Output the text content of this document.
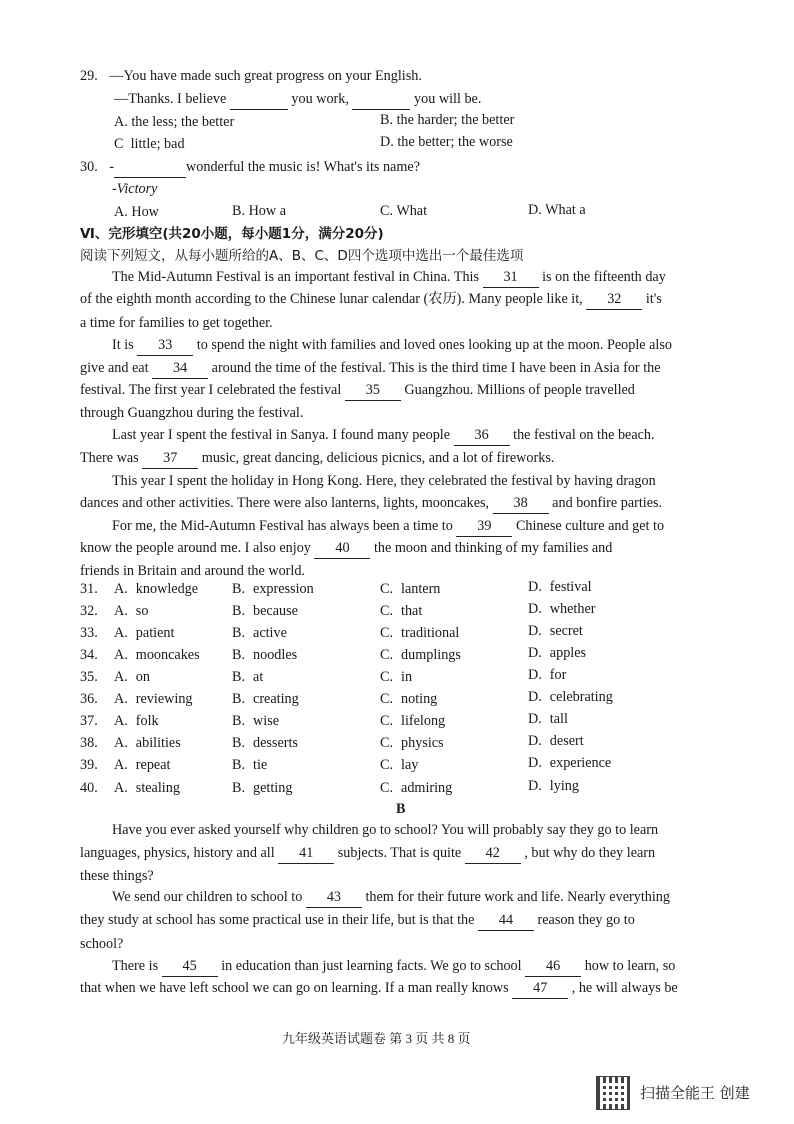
29. —You have made such great progress on your English.
—Thanks. I believe	you work,	you will be.
A. the less; the better	B. the harder; the better
C little; bad	D. the better; the worse
30. -	wonderful the music is! What's its name?
-Victory
A. How	B. How a	C. What	D. What a
Ⅵ、完形填空(共20小题，每小题1分，满分20分)
阅读下列短文，从每小题所给的A、B、C、D四个选项中选出一个最佳选项
The Mid-Autumn Festival is an important festival in China. This 31 is on the fifteenth day
of the eighth month according to the Chinese lunar calendar (农历). Many people like it, 32 it's
a time for families to get together.
It is 33 to spend the night with families and loved ones looking up at the moon. People also
give and eat 34 around the time of the festival. This is the third time I have been in Asia for the
festival. The first year I celebrated the festival 35 Guangzhou. Millions of people travelled
through Guangzhou during the festival.
Last year I spent the festival in Sanya. I found many people 36 the festival on the beach.
There was 37 music, great dancing, delicious picnics, and a lot of fireworks.
This year I spent the holiday in Hong Kong. Here, they celebrated the festival by having dragon
dances and other activities. There were also lanterns, lights, mooncakes, 38 and bonfire parties.
For me, the Mid-Autumn Festival has always been a time to 39 Chinese culture and get to
know the people around me. I also enjoy 40 the moon and thinking of my families and
friends in Britain and around the world.
31. A. knowledge B. expression	C. lantern	D. festival
32. A. so	B. because	C. that	D. whether
33. A. patient	B. active	C. traditional	D. secret
34. A. mooncakes B. noodles	C. dumplings	D. apples
35. A. on	B. at	C. in	D. for
36. A. reviewing	B. creating	C. noting	D. celebrating
37. A. folk	B. wise	C. lifelong	D. tall
38. A. abilities	B. desserts	C. physics	D. desert
39. A. repeat	B. tie	C. lay	D. experience
40. A. stealing	B. getting	C. admiring	D. lying
B
Have you ever asked yourself why children go to school? You will probably say they go to learn
languages, physics, history and all 41 subjects. That is quite 42 , but why do they learn
these things?
We send our children to school to 43 them for their future work and life. Nearly everything
they study at school has some practical use in their life, but is that the 44 reason they go to
school?
There is 45 in education than just learning facts. We go to school 46 how to learn, so
that when we have left school we can go on learning. If a man really knows 47 , he will always be
九年级英语试题卷 第 3 页 共 8 页
扫描全能王 创建
